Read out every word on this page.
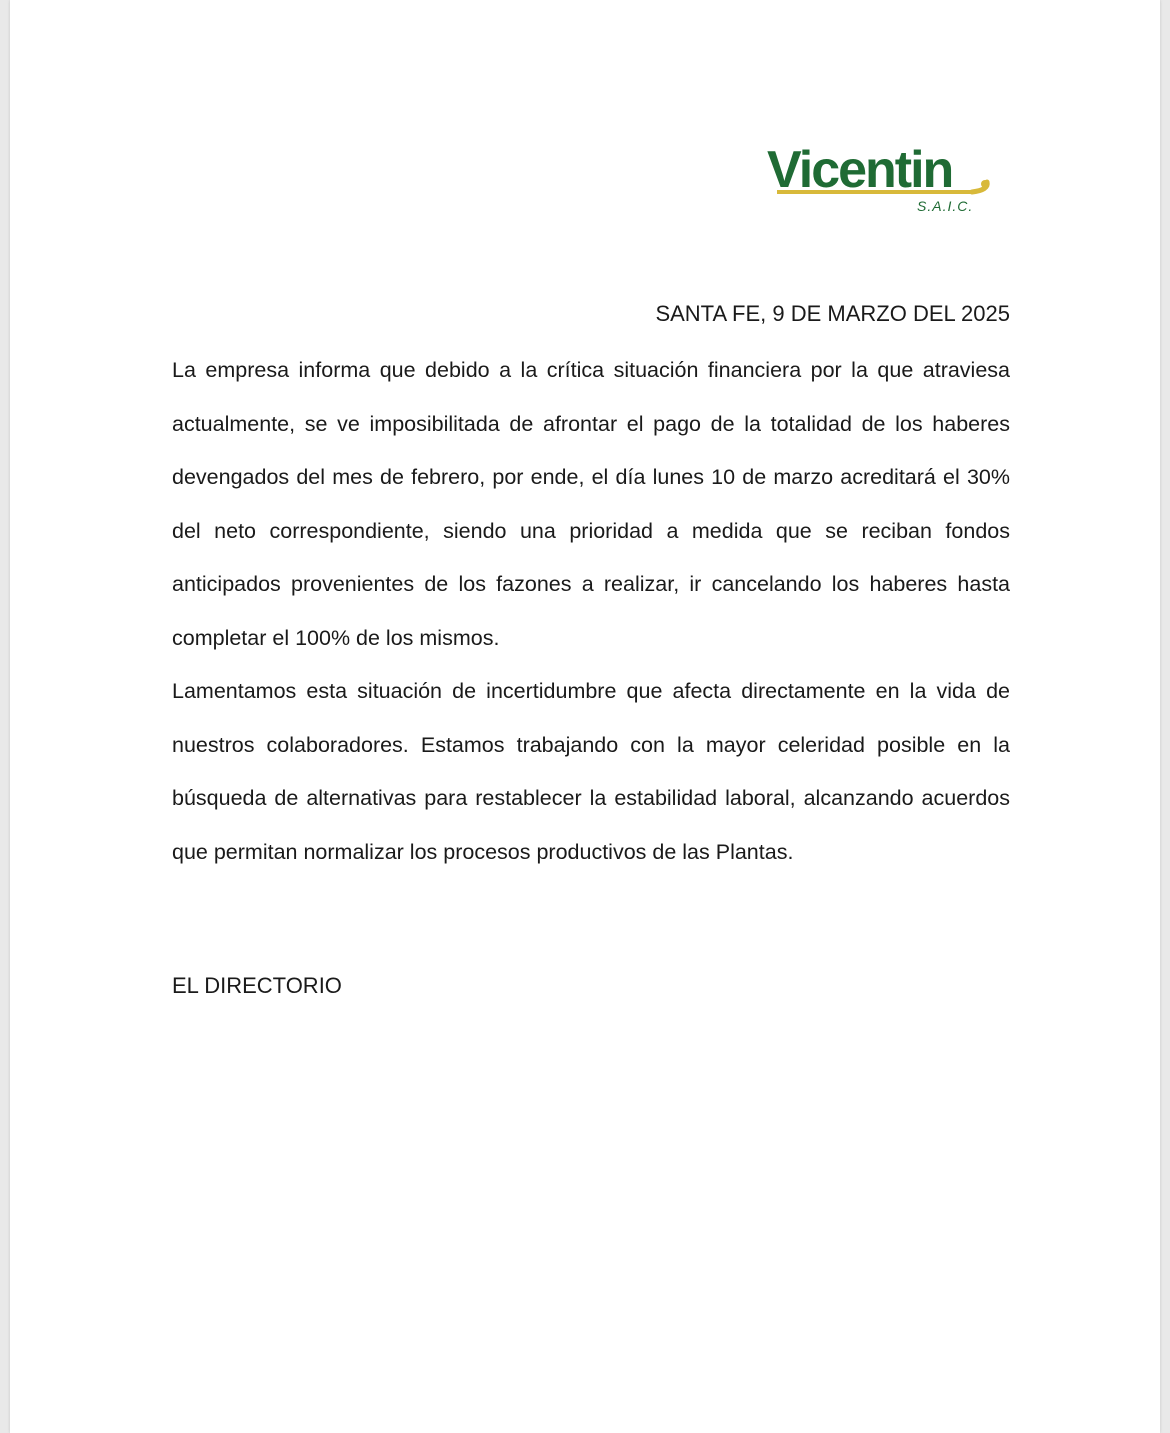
Vicentin
S.A.I.C.
SANTA FE, 9 DE MARZO DEL 2025

La empresa informa que debido a la crítica situación financiera por la que atraviesa actualmente, se ve imposibilitada de afrontar el pago de la totalidad de los haberes devengados del mes de febrero, por ende, el día lunes 10 de marzo acreditará el 30% del neto correspondiente, siendo una prioridad a medida que se reciban fondos anticipados provenientes de los fazones a realizar, ir cancelando los haberes hasta completar el 100% de los mismos.

Lamentamos esta situación de incertidumbre que afecta directamente en la vida de nuestros colaboradores. Estamos trabajando con la mayor celeridad posible en la búsqueda de alternativas para restablecer la estabilidad laboral, alcanzando acuerdos que permitan normalizar los procesos productivos de las Plantas.

EL DIRECTORIO
